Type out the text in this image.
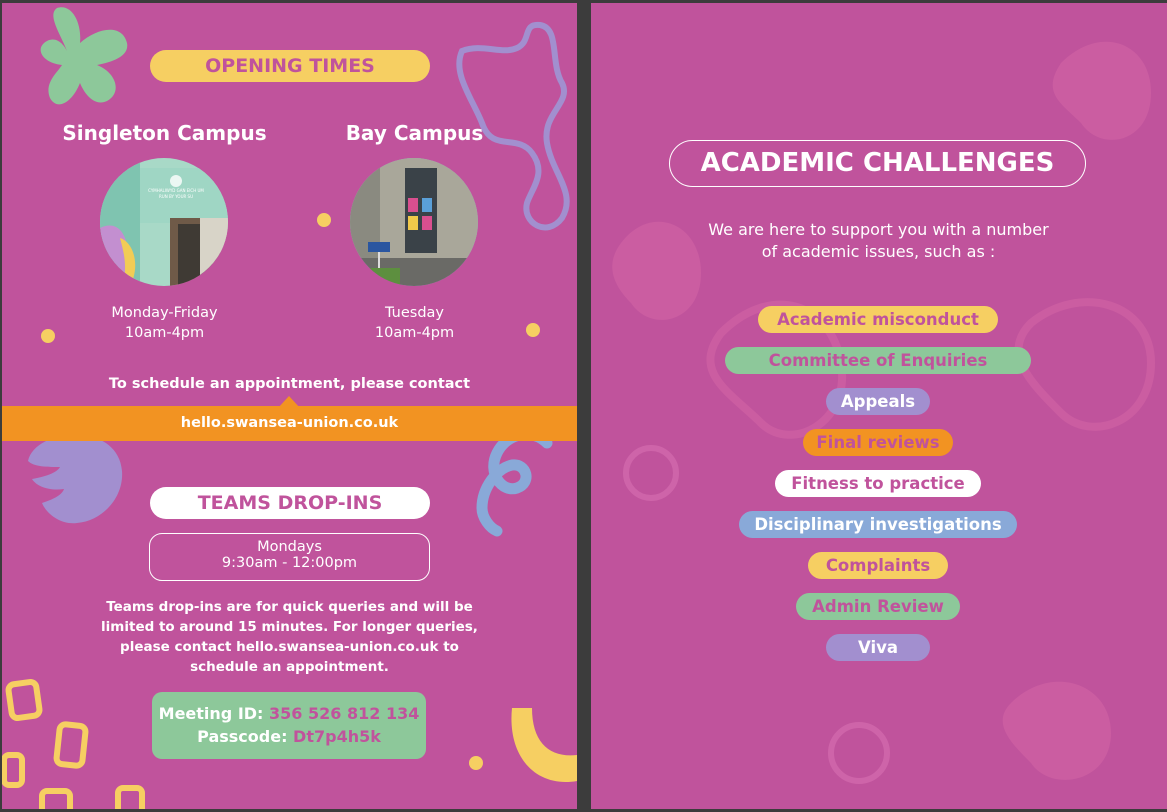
OPENING TIMES
Singleton Campus
CYMHALIWYD GAN EICH UM
RUN BY YOUR SU
Monday-Friday
10am-4pm
Bay Campus
Tuesday
10am-4pm
To schedule an appointment, please contact
hello.swansea-union.co.uk
TEAMS DROP-INS
Mondays
9:30am - 12:00pm
Teams drop-ins are for quick queries and will be
limited to around 15 minutes. For longer queries,
please contact hello.swansea-union.co.uk to
schedule an appointment.
Meeting ID: 356 526 812 134
Passcode: Dt7p4h5k
ACADEMIC CHALLENGES
We are here to support you with a number
of academic issues, such as :
Academic misconduct
Committee of Enquiries
Appeals
Final reviews
Fitness to practice
Disciplinary investigations
Complaints
Admin Review
Viva
